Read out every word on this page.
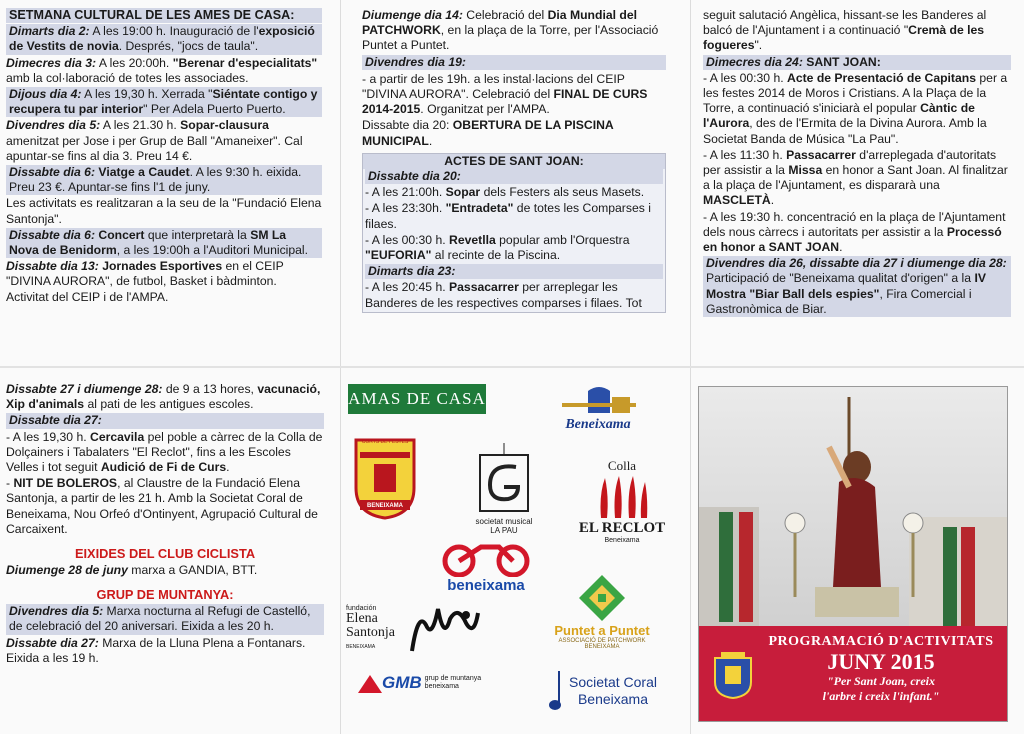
SETMANA CULTURAL DE LES AMES DE CASA:
Dimarts dia 2: A les 19:00 h. Inauguració de l'exposició de Vestits de novia. Després, "jocs de taula".
Dimecres dia 3: A les 20:00h. "Berenar d'especialitats" amb la col·laboració de totes les associades.
Dijous dia 4: A les 19,30 h. Xerrada "Siéntate contigo y recupera tu par interior" Per Adela Puerto Puerto.
Divendres dia 5: A les 21.30 h. Sopar-clausura amenitzat per Jose i per Grup de Ball "Amaneixer". Cal apuntar-se fins al dia 3. Preu 14 €.
Dissabte dia 6: Viatge a Caudet. A les 9:30 h. eixida. Preu 23 €. Apuntar-se fins l'1 de juny.
Les activitats es realitzaran a la seu de la "Fundació Elena Santonja".
Dissabte dia 6: Concert que interpretarà la SM La Nova de Benidorm, a les 19:00h a l'Auditori Municipal.
Dissabte dia 13: Jornades Esportives en el CEIP "DIVINA AURORA", de futbol, Basket i bàdminton. Activitat del CEIP i de l'AMPA.
Diumenge dia 14: Celebració del Dia Mundial del PATCHWORK, en la plaça de la Torre, per l'Associació Puntet a Puntet.
Divendres dia 19:
- a partir de les 19h. a les instal·lacions del CEIP "DIVINA AURORA". Celebració del FINAL DE CURS 2014-2015. Organitzat per l'AMPA.
Dissabte dia 20: OBERTURA DE LA PISCINA MUNICIPAL.
ACTES DE SANT JOAN:
Dissabte dia 20:
- A les 21:00h. Sopar dels Festers als seus Masets.
- A les 23:30h. "Entradeta" de totes les Comparses i filaes.
- A les 00:30 h. Revetlla popular amb l'Orquestra "EUFORIA" al recinte de la Piscina.
Dimarts dia 23:
- A les 20:45 h. Passacarrer per arreplegar les Banderes de les respectives comparses i filaes. Tot
seguit salutació Angèlica, hissant-se les Banderes al balcó de l'Ajuntament i a continuació "Cremà de les fogueres".
Dimecres dia 24: SANT JOAN:
- A les 00:30 h. Acte de Presentació de Capitans per a les festes 2014 de Moros i Cristians. A la Plaça de la Torre, a continuació s'iniciarà el popular Càntic de l'Aurora, des de l'Ermita de la Divina Aurora. Amb la Societat Banda de Música "La Pau".
- A les 11:30 h. Passacarrer d'arreplegada d'autoritats per assistir a la Missa en honor a Sant Joan. Al finalitzar a la plaça de l'Ajuntament, es dispararà una MASCLETÀ.
- A les 19:30 h. concentració en la plaça de l'Ajuntament dels nous càrrecs i autoritats per assistir a la Processó en honor a SANT JOAN.
Divendres dia 26, dissabte dia 27 i diumenge dia 28: Participació de "Beneixama qualitat d'origen" a la IV Mostra "Biar Ball dels espies", Fira Comercial i Gastronòmica de Biar.
Dissabte 27 i diumenge 28: de 9 a 13 hores, vacunació, Xip d'animals al pati de les antigues escoles.
Dissabte dia 27:
- A les 19,30 h. Cercavila pel poble a càrrec de la Colla de Dolçainers i Tabalaters "El Reclot", fins a les Escoles Velles i tot seguit Audició de Fi de Curs.
- NIT DE BOLEROS, al Claustre de la Fundació Elena Santonja, a partir de les 21 h. Amb la Societat Coral de Beneixama, Nou Orfeó d'Ontinyent, Agrupació Cultural de Carcaixent.
EIXIDES DEL CLUB CICLISTA
Diumenge 28 de juny marxa a GANDIA, BTT.
GRUP DE MUNTANYA:
Divendres dia 5: Marxa nocturna al Refugi de Castelló, de celebració del 20 aniversari. Eixida a les 20 h.
Dissabte dia 27: Marxa de la Lluna Plena a Fontanars. Eixida a les 19 h.
AMAS DE CASA
Beneixama
CORTS DE FESTES
BENEIXAMA
societat musical
LA PAU
Colla
EL RECLOT
Beneixama
beneixama
Puntet a Puntet
ASSOCIACIÓ DE PATCHWORK
BENEIXAMA
fundación
Elena
Santonja
BENEIXAMA
GMB grup de muntanya
beneixama	Societat Coral
Beneixama
PROGRAMACIÓ D'ACTIVITATS
JUNY 2015
"Per Sant Joan, creix
l'arbre i creix l'infant."
